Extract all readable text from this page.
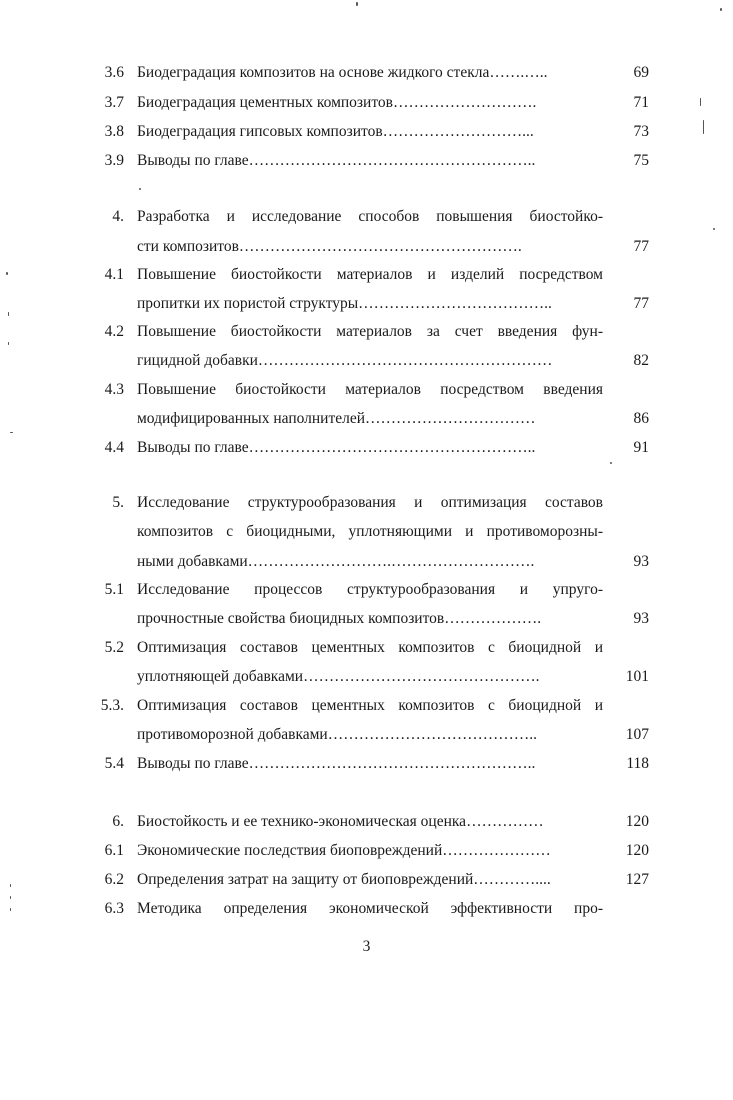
3.6 Биодеградация композитов на основе жидкого стекла…….…..	69
3.7 Биодеградация цементных композитов……………………….	71
3.8 Биодеградация гипсовых композитов………………………...	73
3.9 Выводы по главе………………………………………………..	75
4. Разработка и исследование способов повышения биостойко-
сти композитов……………………………………………….	77
4.1 Повышение биостойкости материалов и изделий посредством
пропитки их пористой структуры………………………………..	77
4.2 Повышение биостойкости материалов за счет введения фун-
гицидной добавки…………………………………………………	82
4.3 Повышение биостойкости материалов посредством введения
модифицированных наполнителей……………………………	86
4.4 Выводы по главе………………………………………………..	91
5. Исследование структурообразования и оптимизация составов
композитов с биоцидными, уплотняющими и противоморозны-
ными добавками……………………….……………………….	93
5.1 Исследование процессов структурообразования и упруго-
прочностные свойства биоцидных композитов……………….	93
5.2 Оптимизация составов цементных композитов с биоцидной и
уплотняющей добавками……………………………………….	101
5.3. Оптимизация составов цементных композитов с биоцидной и
противоморозной добавками…………………………………..	107
5.4 Выводы по главе………………………………………………..	118
6. Биостойкость и ее технико-экономическая оценка……………	120
6.1 Экономические последствия биоповреждений…………………	120
6.2 Определения затрат на защиту от биоповреждений…………....	127
6.3 Методика определения экономической эффективности про-
3
